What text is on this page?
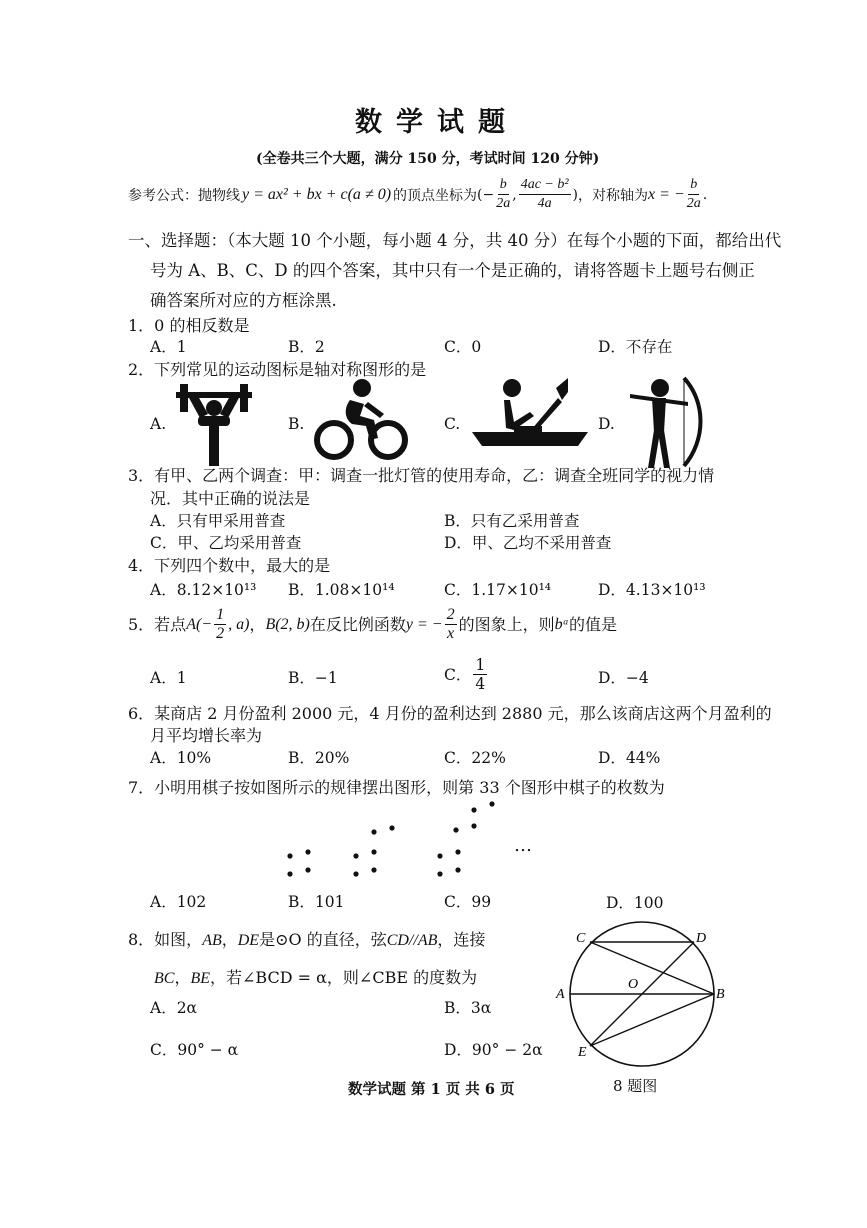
数学试题
(全卷共三个大题，满分 150 分，考试时间 120 分钟)
参考公式：抛物线 y = ax² + bx + c(a ≠ 0) 的顶点坐标为 (− $\frac{b}{2a}$ , $\frac{\text{4ac − b²}}{4a}$ ) ，对称轴为 x = − $\frac{b}{2a}$ .
一、选择题：（本大题 10 个小题，每小题 4 分，共 40 分）在每个小题的下面，都给出代
号为 A、B、C、D 的四个答案，其中只有一个是正确的，请将答题卡上题号右侧正
确答案所对应的方框涂黑.
1．0 的相反数是
A．1	B．2	C．0	D．不存在
2．下列常见的运动图标是轴对称图形的是
A.	B.	C.	D.
3．有甲、乙两个调查：甲：调查一批灯管的使用寿命，乙：调查全班同学的视力情
况．其中正确的说法是
A．只有甲采用普查	B．只有乙采用普查
C．甲、乙均采用普查	D．甲、乙均不采用普查
4．下列四个数中，最大的是
A．8.12×10¹³ B．1.08×10¹⁴	C．1.17×10¹⁴	D．4.13×10¹³
5．若点 $A(- \frac{1}{2}$ , a) ， B(2, b) 在反比例函数 y = − $\frac{2}{x}$ 的图象上，则 bᵃ 的值是
A．1	B．−1	C． $\frac{1}{4}$	D．−4
6．某商店 2 月份盈利 2000 元，4 月份的盈利达到 2880 元，那么该商店这两个月盈利的
月平均增长率为
A．10%	B．20%	C．22%	D．44%
7．小明用棋子按如图所示的规律摆出图形，则第 33 个图形中棋子的枚数为
…
A．102	B．101	C．99	D．100
8．如图，AB，DE是⊙O 的直径，弦CD//AB，连接
BC，BE，若∠BCD = α，则∠CBE 的度数为
A．2α	B．3α
C．90° − α	D．90° − 2α
C	D
A
O
B
E
8 题图
数学试题 第 1 页 共 6 页
